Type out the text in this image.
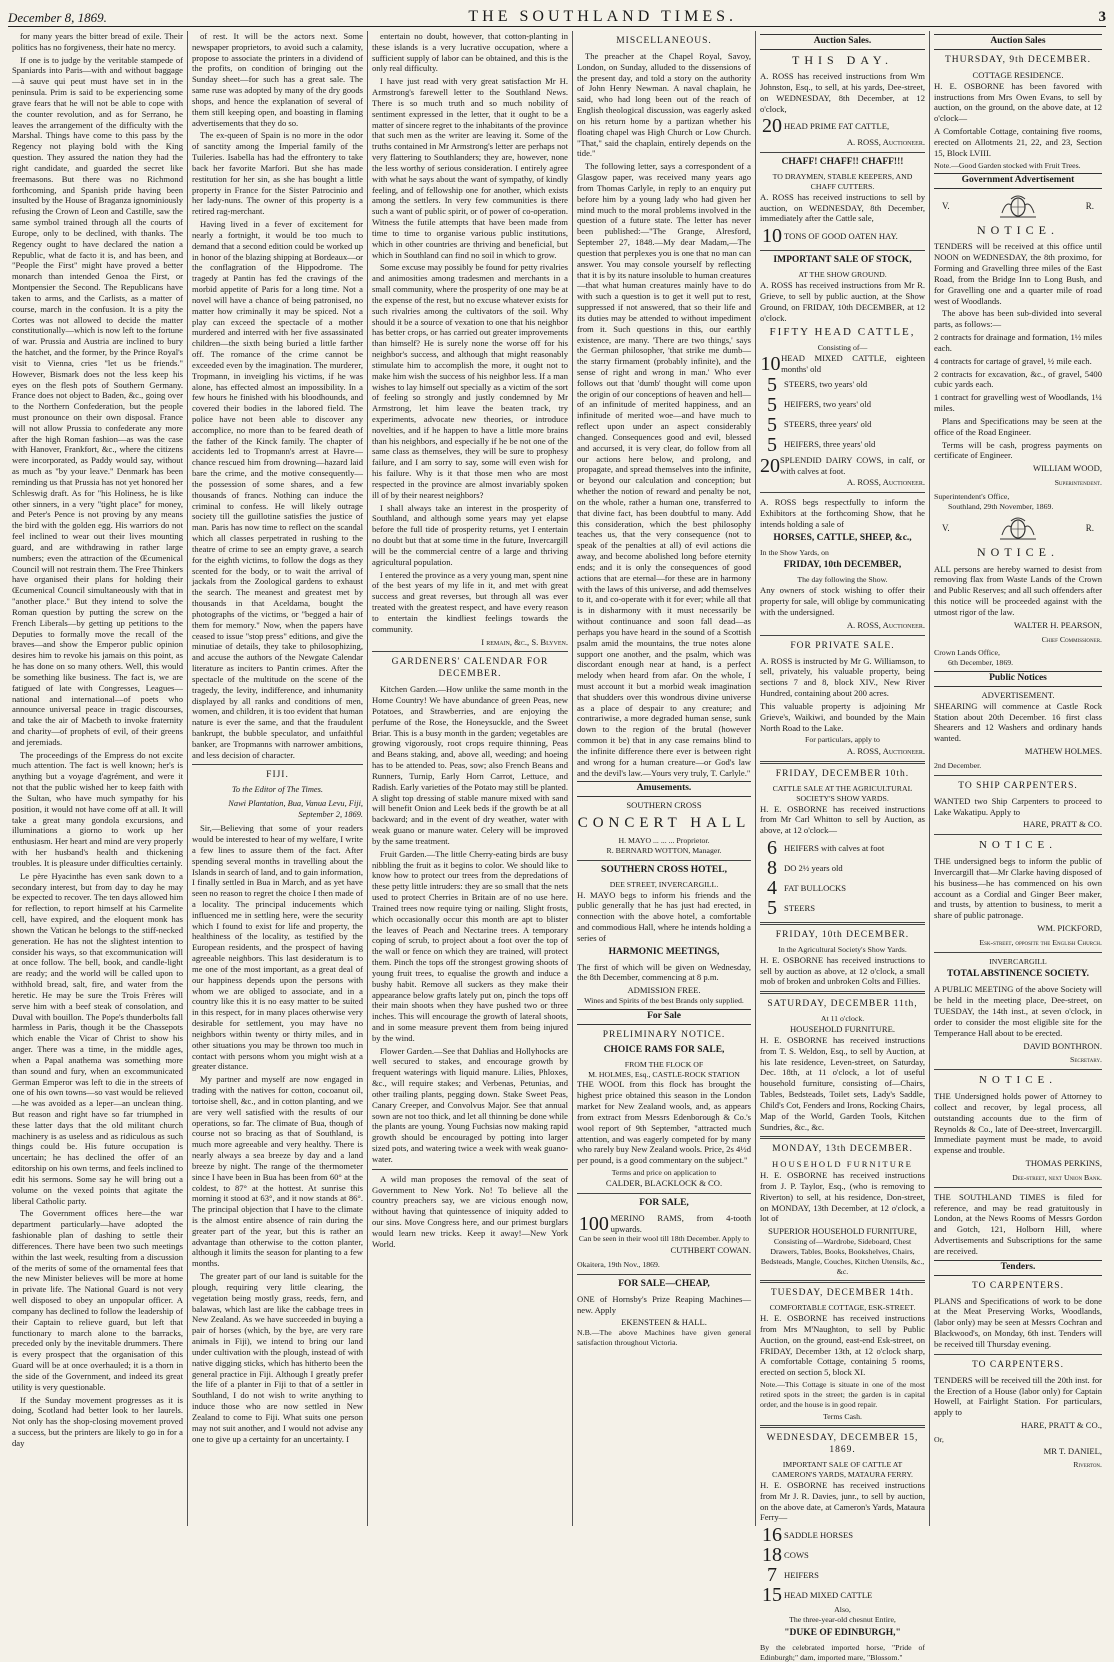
December 8, 1869.	THE SOUTHLAND TIMES.	3

for many years the bitter bread of exile. Their politics has no forgiveness, their hate no mercy.

If one is to judge by the veritable stampede of Spaniards into Paris—with and without baggage—à sauve qui peut must have set in in the peninsula. Prim is said to be experiencing some grave fears that he will not be able to cope with the counter revolution, and as for Serrano, he leaves the arrangement of the difficulty with the Marshal. Things have come to this pass by the Regency not playing bold with the King question. They assured the nation they had the right candidate, and guarded the secret like freemasons. But there was no Richmond forthcoming, and Spanish pride having been insulted by the House of Braganza ignominiously refusing the Crown of Leon and Castille, saw the same symbol trained through all the courts of Europe, only to be declined, with thanks. The Regency ought to have declared the nation a Republic, what de facto it is, and has been, and "People the First" might have proved a better monarch than intended Genoa the First, or Montpensier the Second. The Republicans have taken to arms, and the Carlists, as a matter of course, march in the confusion. It is a pity the Cortes was not allowed to decide the matter constitutionally—which is now left to the fortune of war. Prussia and Austria are inclined to bury the hatchet, and the former, by the Prince Royal's visit to Vienna, cries "let us be friends." However, Bismark does not the less keep his eyes on the flesh pots of Southern Germany. France does not object to Baden, &c., going over to the Northern Confederation, but the people must pronounce on their own disposal. France will not allow Prussia to confederate any more after the high Roman fashion—as was the case with Hanover, Frankfort, &c., where the citizens were incorporated, as Paddy would say, without as much as "by your leave." Denmark has been reminding us that Prussia has not yet honored her Schleswig draft. As for "his Holiness, he is like other sinners, in a very "tight place" for money, and Peter's Pence is not proving by any means the bird with the golden egg. His warriors do not feel inclined to wear out their lives mounting guard, and are withdrawing in rather large numbers; even the attraction of the Œcumenical Council will not restrain them. The Free Thinkers have organised their plans for holding their Œcumenical Council simultaneously with that in "another place." But they intend to solve the Roman question by putting the screw on the French Liberals—by getting up petitions to the Deputies to formally move the recall of the braves—and show the Emperor public opinion desires him to revoke his jamais on this point, as he has done on so many others. Well, this would be something like business. The fact is, we are fatigued of late with Congresses, Leagues—national and international—of poets who announce universal peace in tragic discourses, and take the air of Macbeth to invoke fraternity and charity—of prophets of evil, of their greens and jeremiads.

The proceedings of the Empress do not excite much attention. The fact is well known; her's is anything but a voyage d'agrément, and were it not that the public wished her to keep faith with the Sultan, who have much sympathy for his position, it would not have come off at all. It will take a great many gondola excursions, and illuminations a giorno to work up her enthusiasm. Her heart and mind are very properly with her husband's health and thickening troubles. It is pleasure under difficulties certainly.

Le père Hyacinthe has even sank down to a secondary interest, but from day to day he may be expected to recover. The ten days allowed him for reflection, to report himself at his Carmelite cell, have expired, and the eloquent monk has shown the Vatican he belongs to the stiff-necked generation. He has not the slightest intention to consider his ways, so that excommunication will at once follow. The bell, book, and candle-light are ready; and the world will be called upon to withhold bread, salt, fire, and water from the heretic. He may be sure the Trois Frères will serve him with a beef steak of consolation, and Duval with bouillon. The Pope's thunderbolts fall harmless in Paris, though it be the Chassepots which enable the Vicar of Christ to show his anger. There was a time, in the middle ages, when a Papal anathema was something more than sound and fury, when an excommunicated German Emperor was left to die in the streets of one of his own towns—so vast would be relieved—he was avoided as a leper—an unclean thing. But reason and right have so far triumphed in these latter days that the old militant church machinery is as useless and as ridiculous as such things could be. His future occupation is uncertain; he has declined the offer of an editorship on his own terms, and feels inclined to edit his sermons. Some say he will bring out a volume on the vexed points that agitate the liberal Catholic party.

The Government offices here—the war department particularly—have adopted the fashionable plan of dashing to settle their differences. There have been two such meetings within the last week, resulting from a discussion of the merits of some of the ornamental fees that the new Minister believes will be more at home in private life. The National Guard is not very well disposed to obey an unpopular officer. A company has declined to follow the leadership of their Captain to relieve guard, but left that functionary to march alone to the barracks, preceded only by the inevitable drummers. There is every prospect that the organisation of this Guard will be at once overhauled; it is a thorn in the side of the Government, and indeed its great utility is very questionable.

If the Sunday movement progresses as it is doing, Scotland had better look to her laurels. Not only has the shop-closing movement proved a success, but the printers are likely to go in for a day

of rest. It will be the actors next. Some newspaper proprietors, to avoid such a calamity, propose to associate the printers in a dividend of the profits, on condition of bringing out the Sunday sheet—for such has a great sale. The same ruse was adopted by many of the dry goods shops, and hence the explanation of several of them still keeping open, and boasting in flaming advertisements that they do so.

The ex-queen of Spain is no more in the odor of sanctity among the Imperial family of the Tuileries. Isabella has had the effrontery to take back her favorite Marfori. But she has made restitution for her sin, as she has bought a little property in France for the Sister Patrocinio and her lady-nuns. The owner of this property is a retired rag-merchant.

Having lived in a fever of excitement for nearly a fortnight, it would be too much to demand that a second edition could be worked up in honor of the blazing shipping at Bordeaux—or the conflagration of the Hippodrome. The tragedy at Pantin has fed the cravings of the morbid appetite of Paris for a long time. Not a novel will have a chance of being patronised, no matter how criminally it may be spiced. Not a play can exceed the spectacle of a mother murdered and interred with her five assassinated children—the sixth being buried a little farther off. The romance of the crime cannot be exceeded even by the imagination. The murderer, Tropmann, in inveigling his victims, if he was alone, has effected almost an impossibility. In a few hours he finished with his bloodhounds, and covered their bodies in the labored field. The police have not been able to discover any accomplice, no more than to be feared death of the father of the Kinck family. The chapter of accidents led to Tropmann's arrest at Havre—chance rescued him from drowning—hazard laid bare the crime, and the motive consequently—the possession of some shares, and a few thousands of francs. Nothing can induce the criminal to confess. He will likely outrage society till the guillotine satisfies the justice of man. Paris has now time to reflect on the scandal which all classes perpetrated in rushing to the theatre of crime to see an empty grave, a search for the eighth victims, to follow the dogs as they scented for the body, or to wait the arrival of jackals from the Zoological gardens to exhaust the search. The meanest and greatest met by thousands in that Aceldama, bought the photographs of the victims, or "begged a hair of them for memory." Now, when the papers have ceased to issue "stop press" editions, and give the minutiae of details, they take to philosophizing, and accuse the authors of the Newgate Calendar literature as inciters to Pantin crimes. After the spectacle of the multitude on the scene of the tragedy, the levity, indifference, and inhumanity displayed by all ranks and conditions of men, women, and children, it is too evident that human nature is ever the same, and that the fraudulent bankrupt, the bubble speculator, and unfaithful banker, are Tropmanns with narrower ambitions, and less decision of character.

FIJI.
To the Editor of The Times.
Nawi Plantation, Bua, Vanua Levu, Fiji, September 2, 1869.

Sir,—Believing that some of your readers would be interested to hear of my welfare, I write a few lines to assure them of the fact. After spending several months in travelling about the Islands in search of land, and to gain information, I finally settled in Bua in March, and as yet have seen no reason to regret the choice I then made of a locality. The principal inducements which influenced me in settling here, were the security which I found to exist for life and property, the healthiness of the locality, as testified by the European residents, and the prospect of having agreeable neighbors. This last desideratum is to me one of the most important, as a great deal of our happiness depends upon the persons with whom we are obliged to associate, and in a country like this it is no easy matter to be suited in this respect, for in many places otherwise very desirable for settlement, you may have no neighbors within twenty or thirty miles, and in other situations you may be thrown too much in contact with persons whom you might wish at a greater distance.

My partner and myself are now engaged in trading with the natives for cotton, cocoanut oil, tortoise shell, &c., and in cotton planting, and we are very well satisfied with the results of our operations, so far. The climate of Bua, though of course not so bracing as that of Southland, is much more agreeable and very healthy. There is nearly always a sea breeze by day and a land breeze by night. The range of the thermometer since I have been in Bua has been from 60° at the coldest, to 87° at the hottest. At sunrise this morning it stood at 63°, and it now stands at 86°. The principal objection that I have to the climate is the almost entire absence of rain during the greater part of the year, but this is rather an advantage than otherwise to the cotton planter, although it limits the season for planting to a few months.

The greater part of our land is suitable for the plough, requiring very little clearing, the vegetation being mostly grass, reeds, fern, and balawas, which last are like the cabbage trees in New Zealand. As we have succeeded in buying a pair of horses (which, by the bye, are very rare animals in Fiji), we intend to bring our land under cultivation with the plough, instead of with native digging sticks, which has hitherto been the general practice in Fiji. Although I greatly prefer the life of a planter in Fiji to that of a settler in Southland, I do not wish to write anything to induce those who are now settled in New Zealand to come to Fiji. What suits one person may not suit another, and I would not advise any one to give up a certainty for an uncertainty. I

entertain no doubt, however, that cotton-planting in these islands is a very lucrative occupation, where a sufficient supply of labor can be obtained, and this is the only real difficulty.

I have just read with very great satisfaction Mr H. Armstrong's farewell letter to the Southland News. There is so much truth and so much nobility of sentiment expressed in the letter, that it ought to be a matter of sincere regret to the inhabitants of the province that such men as the writer are leaving it. Some of the truths contained in Mr Armstrong's letter are perhaps not very flattering to Southlanders; they are, however, none the less worthy of serious consideration. I entirely agree with what he says about the want of sympathy, of kindly feeling, and of fellowship one for another, which exists among the settlers. In very few communities is there such a want of public spirit, or of power of co-operation. Witness the futile attempts that have been made from time to time to organise various public institutions, which in other countries are thriving and beneficial, but which in Southland can find no soil in which to grow.

Some excuse may possibly be found for petty rivalries and animosities among tradesmen and merchants in a small community, where the prosperity of one may be at the expense of the rest, but no excuse whatever exists for such rivalries among the cultivators of the soil. Why should it be a source of vexation to one that his neighbor has better crops, or has carried out greater improvements than himself? He is surely none the worse off for his neighbor's success, and although that might reasonably stimulate him to accomplish the more, it ought not to make him wish the success of his neighbor less. If a man wishes to lay himself out specially as a victim of the sort of feeling so strongly and justly condemned by Mr Armstrong, let him leave the beaten track, try experiments, advocate new theories, or introduce novelties, and if he happen to have a little more brains than his neighbors, and especially if he be not one of the same class as themselves, they will be sure to prophesy failure, and I am sorry to say, some will even wish for his failure. Why is it that those men who are most respected in the province are almost invariably spoken ill of by their nearest neighbors?

I shall always take an interest in the prosperity of Southland, and although some years may yet elapse before the full tide of prosperity returns, yet I entertain no doubt but that at some time in the future, Invercargill will be the commercial centre of a large and thriving agricultural population.

I entered the province as a very young man, spent nine of the best years of my life in it, and met with great success and great reverses, but through all was ever treated with the greatest respect, and have every reason to entertain the kindliest feelings towards the community.

I remain, &c., S. Blyven.
GARDENERS' CALENDAR FOR DECEMBER.

Kitchen Garden.—How unlike the same month in the Home Country! We have abundance of green Peas, new Potatoes, and Strawberries, and are enjoying the perfume of the Rose, the Honeysuckle, and the Sweet Briar. This is a busy month in the garden; vegetables are growing vigorously, root crops require thinning, Peas and Beans staking, and, above all, weeding; and hoeing has to be attended to. Peas, sow; also French Beans and Runners, Turnip, Early Horn Carrot, Lettuce, and Radish. Early varieties of the Potato may still be planted. A slight top dressing of stable manure mixed with sand will benefit Onion and Leek beds if the growth be at all backward; and in the event of dry weather, water with weak guano or manure water. Celery will be improved by the same treatment.

Fruit Garden.—The little Cherry-eating birds are busy nibbling the fruit as it begins to color. We should like to know how to protect our trees from the depredations of these petty little intruders: they are so small that the nets used to protect Cherries in Britain are of no use here. Trained trees now require tying or nailing. Slight frosts, which occasionally occur this month are apt to blister the leaves of Peach and Nectarine trees. A temporary coping of scrub, to project about a foot over the top of the wall or fence on which they are trained, will protect them. Pinch the tops off the strongest growing shoots of young fruit trees, to equalise the growth and induce a bushy habit. Remove all suckers as they make their appearance below grafts lately put on, pinch the tops off their main shoots when they have pushed two or three inches. This will encourage the growth of lateral shoots, and in some measure prevent them from being injured by the wind.

Flower Garden.—See that Dahlias and Hollyhocks are well secured to stakes, and encourage growth by frequent waterings with liquid manure. Lilies, Phloxes, &c., will require stakes; and Verbenas, Petunias, and other trailing plants, pegging down. Stake Sweet Peas, Canary Creeper, and Convolvus Major. See that annual sown are not too thick, and let all thinning be done while the plants are young. Young Fuchsias now making rapid growth should be encouraged by potting into larger sized pots, and watering twice a week with weak guano-water.

A wild man proposes the removal of the seat of Government to New York. No! To believe all the country preachers say, we are vicious enough now, without having that quintessence of iniquity added to our sins. Move Congress here, and our primest burglars would learn new tricks. Keep it away!—New York World.

MISCELLANEOUS.

The preacher at the Chapel Royal, Savoy, London, on Sunday, alluded to the dissensions of the present day, and told a story on the authority of John Henry Newman. A naval chaplain, he said, who had long been out of the reach of English theological discussion, was eagerly asked on his return home by a partizan whether his floating chapel was High Church or Low Church. "That," said the chaplain, entirely depends on the tide."

The following letter, says a correspondent of a Glasgow paper, was received many years ago from Thomas Carlyle, in reply to an enquiry put before him by a young lady who had given her mind much to the moral problems involved in the question of a future state. The letter has never been published:—"The Grange, Alresford, September 27, 1848.—My dear Madam,—The question that perplexes you is one that no man can answer. You may console yourself by reflecting that it is by its nature insoluble to human creatures—that what human creatures mainly have to do with such a question is to get it well put to rest, suppressed if not answered, that so their life and its duties may be attended to without impediment from it. Such questions in this, our earthly existence, are many. 'There are two things,' says the German philosopher, 'that strike me dumb—the starry firmament (probably infinite), and the sense of right and wrong in man.' Who ever follows out that 'dumb' thought will come upon the origin of our conceptions of heaven and hell—of an infinitude of merited happiness, and an infinitude of merited woe—and have much to reflect upon under an aspect considerably changed. Consequences good and evil, blessed and accursed, it is very clear, do follow from all our actions here below, and prolong, and propagate, and spread themselves into the infinite, or beyond our calculation and conception; but whether the notion of reward and penalty be not, on the whole, rather a human one, transferred to that divine fact, has been doubtful to many. Add this consideration, which the best philosophy teaches us, that the very consequence (not to speak of the penalties at all) of evil actions die away, and become abolished long before eternity ends; and it is only the consequences of good actions that are eternal—for these are in harmony with the laws of this universe, and add themselves to it, and co-operate with it for ever; while all that is in disharmony with it must necessarily be without continuance and soon fall dead—as perhaps you have heard in the sound of a Scottish psalm amid the mountains, the true notes alone support one another, and the psalm, which was discordant enough near at hand, is a perfect melody when heard from afar. On the whole, I must account it but a morbid weak imagination that shudders over this wondrous divine universe as a place of despair to any creature; and contrariwise, a more degraded human sense, sunk down to the region of the brutal (however common it be) that in any case remains blind to the infinite difference there ever is between right and wrong for a human creature—or God's law and the devil's law.—Yours very truly, T. Carlyle."

Amusements.
SOUTHERN CROSS
CONCERT HALL
H. MAYO ... ... ... Proprietor.
R. BERNARD WOTTON, Manager.
SOUTHERN CROSS HOTEL,
DEE STREET, INVERCARGILL.

H. MAYO begs to inform his friends and the public generally that he has just had erected, in connection with the above hotel, a comfortable and commodious Hall, where he intends holding a series of

HARMONIC MEETINGS,

The first of which will be given on Wednesday, the 8th December, commencing at 8 p.m.

ADMISSION FREE.
Wines and Spirits of the best Brands only supplied.
For Sale
PRELIMINARY NOTICE.
CHOICE RAMS FOR SALE,
FROM THE FLOCK OF
M. HOLMES, Esq., CASTLE-ROCK STATION

THE WOOL from this flock has brought the highest price obtained this season in the London market for New Zealand wools, and, as appears from extract from Messrs Edenborough & Co.'s wool report of 9th September, "attracted much attention, and was eagerly competed for by many who rarely buy New Zealand wools. Price, 2s 4½d per pound, is a good commentary on the subject."

Terms and price on application to
CALDER, BLACKLOCK & CO.
FOR SALE,
100 MERINO RAMS, from 4-tooth upwards.
Can be seen in their wool till 18th December. Apply to
CUTHBERT COWAN.
Okaitera, 19th Nov., 1869.
FOR SALE—CHEAP,

ONE of Hornsby's Prize Reaping Machines—new. Apply

EKENSTEEN & HALL.
N.B.—The above Machines have given general satisfaction throughout Victoria.
Auction Sales.
THIS DAY.

A. ROSS has received instructions from Wm Johnston, Esq., to sell, at his yards, Dee-street, on WEDNESDAY, 8th December, at 12 o'clock,

20 HEAD PRIME FAT CATTLE,
A. ROSS, Auctioneer.
CHAFF! CHAFF!! CHAFF!!!
TO DRAYMEN, STABLE KEEPERS, AND CHAFF CUTTERS.

A. ROSS has received instructions to sell by auction, on WEDNESDAY, 8th December, immediately after the Cattle sale,

10 TONS OF GOOD OATEN HAY.
IMPORTANT SALE OF STOCK,
AT THE SHOW GROUND.

A. ROSS has received instructions from Mr R. Grieve, to sell by public auction, at the Show Ground, on FRIDAY, 10th DECEMBER, at 12 o'clock.

FIFTY HEAD CATTLE,
Consisting of—
10 HEAD MIXED CATTLE, eighteen months' old
5 STEERS, two years' old
5 HEIFERS, two years' old
5 STEERS, three years' old
5 HEIFERS, three years' old
20 SPLENDID DAIRY COWS, in calf, or with calves at foot.
A. ROSS, Auctioneer.

A. ROSS begs respectfully to inform the Exhibitors at the forthcoming Show, that he intends holding a sale of

HORSES, CATTLE, SHEEP, &c.,
In the Show Yards, on
FRIDAY, 10th DECEMBER,
The day following the Show.

Any owners of stock wishing to offer their property for sale, will oblige by communicating with the undersigned.

A. ROSS, Auctioneer.
FOR PRIVATE SALE.

A. ROSS is instructed by Mr G. Williamson, to sell, privately, his valuable property, being sections 7 and 8, block XIV., New River Hundred, containing about 200 acres.

This valuable property is adjoining Mr Grieve's, Waikiwi, and bounded by the Main North Road to the Lake.

For particulars, apply to
A. ROSS, Auctioneer.
FRIDAY, DECEMBER 10th.
CATTLE SALE AT THE AGRICULTURAL SOCIETY'S SHOW YARDS.

H. E. OSBORNE has received instructions from Mr Carl Whitton to sell by Auction, as above, at 12 o'clock—

6 HEIFERS with calves at foot
8 DO 2½ years old
4 FAT BULLOCKS
5 STEERS
FRIDAY, 10th DECEMBER.
In the Agricultural Society's Show Yards.

H. E. OSBORNE has received instructions to sell by auction as above, at 12 o'clock, a small mob of broken and unbroken Colts and Fillies.

SATURDAY, DECEMBER 11th,
At 11 o'clock.
HOUSEHOLD FURNITURE.

H. E. OSBORNE has received instructions from T. S. Weldon, Esq., to sell by Auction, at his late residence, Leven-street, on Saturday, Dec. 18th, at 11 o'clock, a lot of useful household furniture, consisting of—Chairs, Tables, Bedsteads, Toilet sets, Lady's Saddle, Child's Cot, Fenders and Irons, Rocking Chairs, Map of the World, Garden Tools, Kitchen Sundries, &c., &c.

MONDAY, 13th DECEMBER.
HOUSEHOLD FURNITURE

H. E. OSBORNE has received instructions from J. P. Taylor, Esq., (who is removing to Riverton) to sell, at his residence, Don-street, on MONDAY, 13th December, at 12 o'clock, a lot of

SUPERIOR HOUSEHOLD FURNITURE,
Consisting of—Wardrobe, Sideboard, Chest Drawers, Tables, Books, Bookshelves, Chairs, Bedsteads, Mangle, Couches, Kitchen Utensils, &c., &c.
TUESDAY, DECEMBER 14th.
COMFORTABLE COTTAGE, ESK-STREET.

H. E. OSBORNE has received instructions from Mrs M'Naughton, to sell by Public Auction, on the ground, east-end Esk-street, on FRIDAY, December 13th, at 12 o'clock sharp, A comfortable Cottage, containing 5 rooms, erected on section 5, block XI.

Note.—This Cottage is situate in one of the most retired spots in the street; the garden is in capital order, and the house is in good repair.

Terms Cash.
WEDNESDAY, DECEMBER 15, 1869.
IMPORTANT SALE OF CATTLE AT CAMERON'S YARDS, MATAURA FERRY.

H. E. OSBORNE has received instructions from Mr J. R. Davies, junr., to sell by auction, on the above date, at Cameron's Yards, Mataura Ferry—

16 SADDLE HORSES
18 COWS
7 HEIFERS
15 HEAD MIXED CATTLE
Also,
The three-year-old chesnut Entire,
"DUKE OF EDINBURGH,"
By the celebrated imported horse, "Pride of Edinburgh;" dam, imported mare, "Blossom."
Auction Sales
THURSDAY, 9th DECEMBER.
COTTAGE RESIDENCE.

H. E. OSBORNE has been favored with instructions from Mrs Owen Evans, to sell by auction, on the ground, on the above date, at 12 o'clock—

A Comfortable Cottage, containing five rooms, erected on Allotments 21, 22, and 23, Section 15, Block LVIII.

Note.—Good Garden stocked with Fruit Trees.

Government Advertisement
V.	R.
NOTICE.

TENDERS will be received at this office until NOON on WEDNESDAY, the 8th proximo, for Forming and Gravelling three miles of the East Road, from the Bridge Inn to Long Bush, and for Gravelling one and a quarter mile of road west of Woodlands.

The above has been sub-divided into several parts, as follows:—

2 contracts for drainage and formation, 1½ miles each.

4 contracts for cartage of gravel, ½ mile each.

2 contracts for excavation, &c., of gravel, 5400 cubic yards each.

1 contract for gravelling west of Woodlands, 1¼ miles.

Plans and Specifications may be seen at the office of the Road Engineer.

Terms will be cash, progress payments on certificate of Engineer.

WILLIAM WOOD,
Superintendent.
Superintendent's Office,
Southland, 29th November, 1869.
V.	R.
NOTICE.

ALL persons are hereby warned to desist from removing flax from Waste Lands of the Crown and Public Reserves; and all such offenders after this notice will be proceeded against with the utmost rigor of the law.

WALTER H. PEARSON,
Chief Commissioner.
Crown Lands Office,
6th December, 1869.
Public Notices
ADVERTISEMENT.

SHEARING will commence at Castle Rock Station about 20th December. 16 first class Shearers and 12 Washers and ordinary hands wanted.

MATHEW HOLMES.
2nd December.
TO SHIP CARPENTERS.

WANTED two Ship Carpenters to proceed to Lake Wakatipu. Apply to

HARE, PRATT & CO.
NOTICE.

THE undersigned begs to inform the public of Invercargill that—Mr Clarke having disposed of his business—he has commenced on his own account as a Cordial and Ginger Beer maker, and trusts, by attention to business, to merit a share of public patronage.

WM. PICKFORD,
Esk-street, opposite the English Church.
INVERCARGILL
TOTAL ABSTINENCE SOCIETY.

A PUBLIC MEETING of the above Society will be held in the meeting place, Dee-street, on TUESDAY, the 14th inst., at seven o'clock, in order to consider the most eligible site for the Temperance Hall about to be erected.

DAVID BONTHRON.
Secretary.
NOTICE.

THE Undersigned holds power of Attorney to collect and recover, by legal process, all outstanding accounts due to the firm of Reynolds & Co., late of Dee-street, Invercargill. Immediate payment must be made, to avoid expense and trouble.

THOMAS PERKINS,
Dee-street, next Union Bank.

THE SOUTHLAND TIMES is filed for reference, and may be read gratuitously in London, at the News Rooms of Messrs Gordon and Gotch, 121, Holborn Hill, where Advertisements and Subscriptions for the same are received.

Tenders.
TO CARPENTERS.

PLANS and Specifications of work to be done at the Meat Preserving Works, Woodlands, (labor only) may be seen at Messrs Cochran and Blackwood's, on Monday, 6th inst. Tenders will be received till Thursday evening.

TO CARPENTERS.

TENDERS will be received till the 20th inst. for the Erection of a House (labor only) for Captain Howell, at Fairlight Station. For particulars, apply to

HARE, PRATT & CO.,
Or,
MR T. DANIEL,
Riverton.
